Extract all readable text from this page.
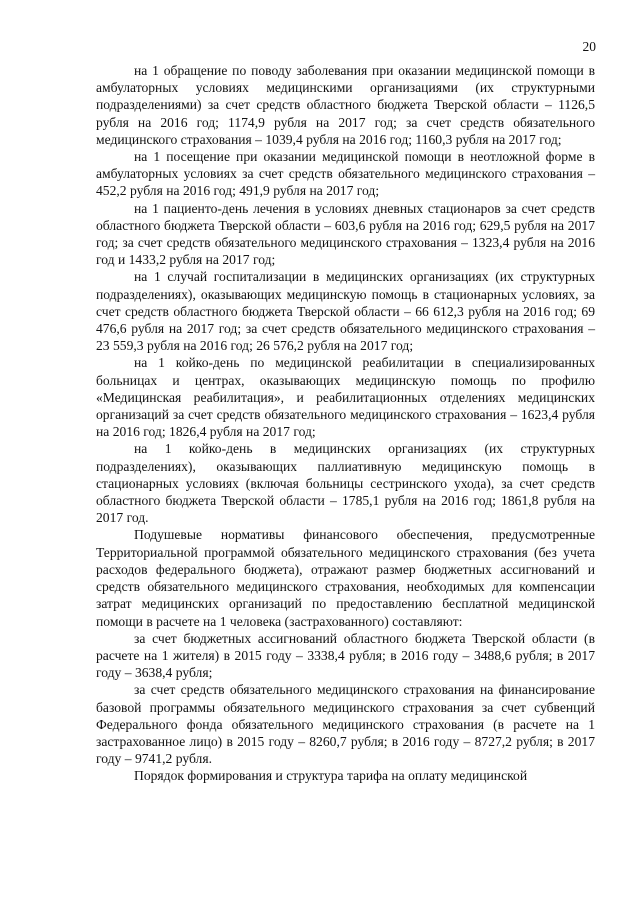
20

на 1 обращение по поводу заболевания при оказании медицинской помощи в амбулаторных условиях медицинскими организациями (их структурными подразделениями) за счет средств областного бюджета Тверской области – 1126,5 рубля на 2016 год; 1174,9 рубля на 2017 год; за счет средств обязательного медицинского страхования – 1039,4 рубля на 2016 год; 1160,3 рубля на 2017 год;

на 1 посещение при оказании медицинской помощи в неотложной форме в амбулаторных условиях за счет средств обязательного медицинского страхования – 452,2 рубля на 2016 год; 491,9 рубля на 2017 год;

на 1 пациенто-день лечения в условиях дневных стационаров за счет средств областного бюджета Тверской области – 603,6 рубля на 2016 год; 629,5 рубля на 2017 год; за счет средств обязательного медицинского страхования – 1323,4 рубля на 2016 год и 1433,2 рубля на 2017 год;

на 1 случай госпитализации в медицинских организациях (их структурных подразделениях), оказывающих медицинскую помощь в стационарных условиях, за счет средств областного бюджета Тверской области – 66 612,3 рубля на 2016 год; 69 476,6 рубля на 2017 год; за счет средств обязательного медицинского страхования – 23 559,3 рубля на 2016 год; 26 576,2 рубля на 2017 год;

на 1 койко-день по медицинской реабилитации в специализированных больницах и центрах, оказывающих медицинскую помощь по профилю «Медицинская реабилитация», и реабилитационных отделениях медицинских организаций за счет средств обязательного медицинского страхования – 1623,4 рубля на 2016 год; 1826,4 рубля на 2017 год;

на 1 койко-день в медицинских организациях (их структурных подразделениях), оказывающих паллиативную медицинскую помощь в стационарных условиях (включая больницы сестринского ухода), за счет средств областного бюджета Тверской области – 1785,1 рубля на 2016 год; 1861,8 рубля на 2017 год.

Подушевые нормативы финансового обеспечения, предусмотренные Территориальной программой обязательного медицинского страхования (без учета расходов федерального бюджета), отражают размер бюджетных ассигнований и средств обязательного медицинского страхования, необходимых для компенсации затрат медицинских организаций по предоставлению бесплатной медицинской помощи в расчете на 1 человека (застрахованного) составляют:

за счет бюджетных ассигнований областного бюджета Тверской области (в расчете на 1 жителя) в 2015 году – 3338,4 рубля; в 2016 году – 3488,6 рубля; в 2017 году – 3638,4 рубля;

за счет средств обязательного медицинского страхования на финансирование базовой программы обязательного медицинского страхования за счет субвенций Федерального фонда обязательного медицинского страхования (в расчете на 1 застрахованное лицо) в 2015 году – 8260,7 рубля; в 2016 году – 8727,2 рубля; в 2017 году – 9741,2 рубля.

Порядок формирования и структура тарифа на оплату медицинской
